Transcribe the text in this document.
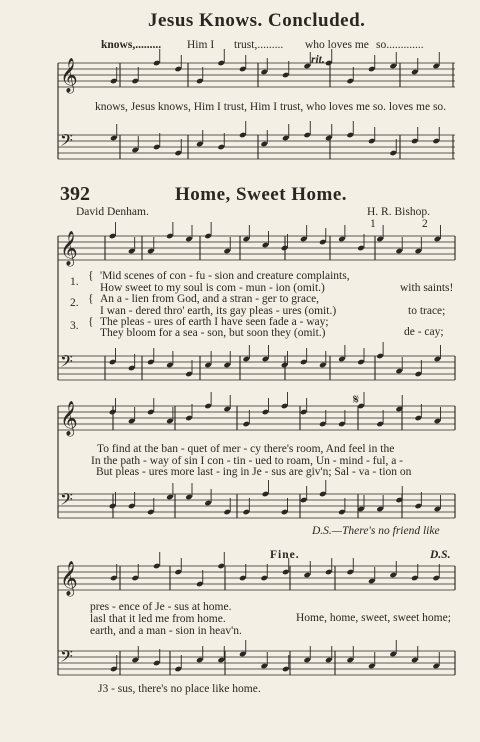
𝄞
𝄢
𝄞
𝄢
𝄞
𝄢
𝄞
𝄢
Jesus Knows. Concluded.
knows,......... Him I trust,......... who loves me so.............
rit.
knows, Jesus knows, Him I trust, Him I trust, who loves me so. loves me so.
392	Home, Sweet Home.
David Denham.	H. R. Bishop.
1	2
1.
2.
3.
{
{
{
'Mid scenes of con - fu - sion and creature complaints,
with saints!
How sweet to my soul is com - mun - ion (omit.)
An a - lien from God, and a stran - ger to grace,
to trace;
I wan - dered thro' earth, its gay pleas - ures (omit.)
The pleas - ures of earth I have seen fade a - way;
de - cay;
They bloom for a sea - son, but soon they (omit.)
𝄋
To find at the ban - quet of mer - cy there's room, And feel in the
In the path - way of sin I con - tin - ued to roam, Un - mind - ful, a -
But pleas - ures more last - ing in Je - sus are giv'n; Sal - va - tion on
D.S.—There's no friend like
Fine.	D.S.
pres - ence of Je - sus at home.
lasl that it led me from home.
earth, and a man - sion in heav'n.
Home, home, sweet, sweet home;
J3 - sus, there's no place like home.
